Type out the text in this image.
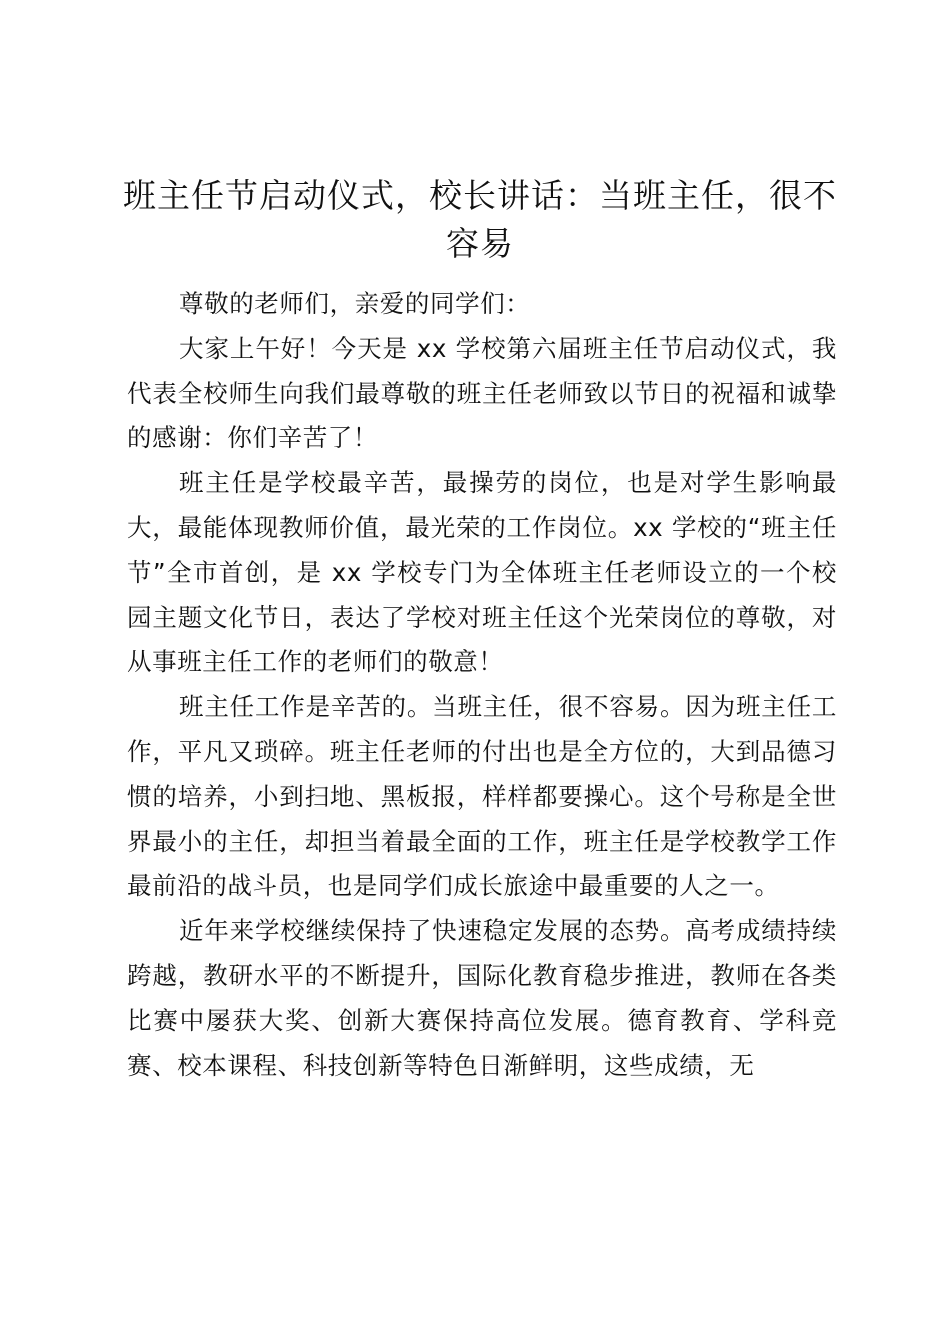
班主任节启动仪式，校长讲话：当班主任，很不容易

尊敬的老师们，亲爱的同学们：

大家上午好！今天是 xx 学校第六届班主任节启动仪式，我代表全校师生向我们最尊敬的班主任老师致以节日的祝福和诚挚的感谢：你们辛苦了！

班主任是学校最辛苦，最操劳的岗位，也是对学生影响最大，最能体现教师价值，最光荣的工作岗位。xx 学校的“班主任节”全市首创，是 xx 学校专门为全体班主任老师设立的一个校园主题文化节日，表达了学校对班主任这个光荣岗位的尊敬，对从事班主任工作的老师们的敬意！

班主任工作是辛苦的。当班主任，很不容易。因为班主任工作，平凡又琐碎。班主任老师的付出也是全方位的，大到品德习惯的培养，小到扫地、黑板报，样样都要操心。这个号称是全世界最小的主任，却担当着最全面的工作，班主任是学校教学工作最前沿的战斗员，也是同学们成长旅途中最重要的人之一。

近年来学校继续保持了快速稳定发展的态势。高考成绩持续跨越，教研水平的不断提升，国际化教育稳步推进，教师在各类比赛中屡获大奖、创新大赛保持高位发展。德育教育、学科竞赛、校本课程、科技创新等特色日渐鲜明，这些成绩，无
